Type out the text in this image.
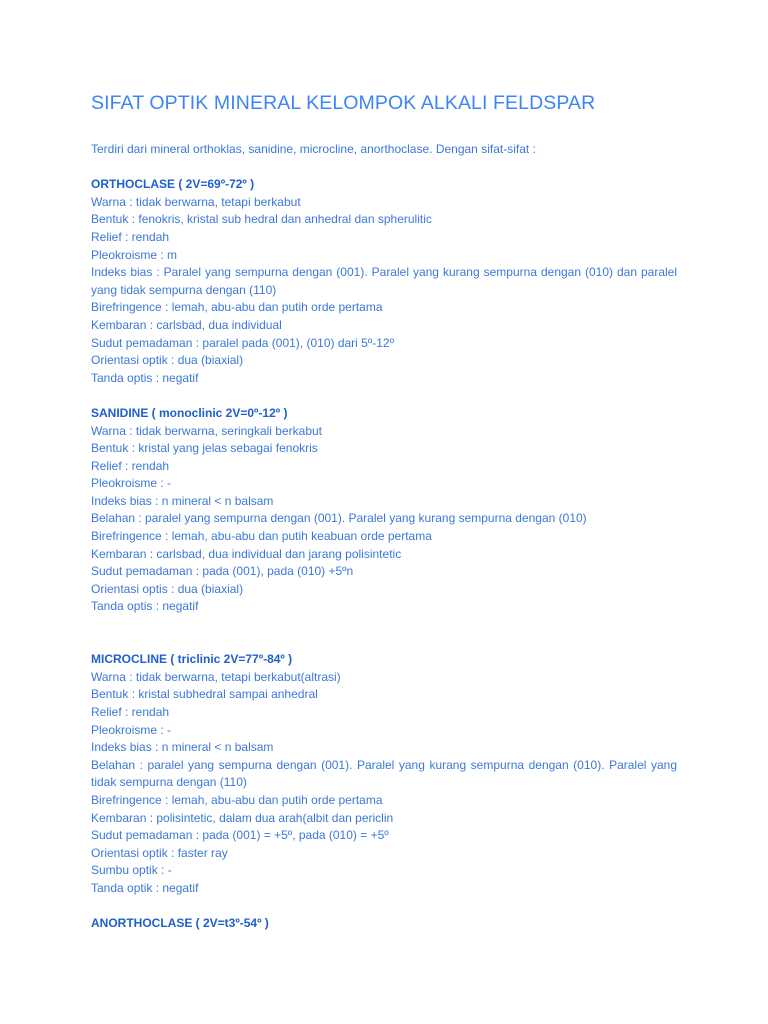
SIFAT OPTIK MINERAL KELOMPOK ALKALI FELDSPAR

Terdiri dari mineral orthoklas, sanidine, microcline, anorthoclase. Dengan sifat-sifat :

ORTHOCLASE ( 2V=69º-72º )

Warna : tidak berwarna, tetapi berkabut

Bentuk : fenokris, kristal sub hedral dan anhedral dan spherulitic

Relief : rendah

Pleokroisme : m

Indeks bias : Paralel yang sempurna dengan (001). Paralel yang kurang sempurna dengan (010) dan paralel yang tidak sempurna dengan (110)

Birefringence : lemah, abu-abu dan putih orde pertama

Kembaran : carlsbad, dua individual

Sudut pemadaman : paralel pada (001), (010) dari 5º-12º

Orientasi optik : dua (biaxial)

Tanda optis : negatif

SANIDINE ( monoclinic 2V=0º-12º )

Warna : tidak berwarna, seringkali berkabut

Bentuk : kristal yang jelas sebagai fenokris

Relief : rendah

Pleokroisme : -

Indeks bias : n mineral < n balsam

Belahan : paralel yang sempurna dengan (001). Paralel yang kurang sempurna dengan (010)

Birefringence : lemah, abu-abu dan putih keabuan orde pertama

Kembaran : carlsbad, dua individual dan jarang polisintetic

Sudut pemadaman : pada (001), pada (010) +5ºn

Orientasi optis : dua (biaxial)

Tanda optis : negatif

MICROCLINE ( triclinic 2V=77º-84º )

Warna : tidak berwarna, tetapi berkabut(altrasi)

Bentuk : kristal subhedral sampai anhedral

Relief : rendah

Pleokroisme : -

Indeks bias : n mineral < n balsam

Belahan : paralel yang sempurna dengan (001). Paralel yang kurang sempurna dengan (010). Paralel yang tidak sempurna dengan (110)

Birefringence : lemah, abu-abu dan putih orde pertama

Kembaran : polisintetic, dalam dua arah(albit dan periclin

Sudut pemadaman : pada (001) = +5º, pada (010) = +5º

Orientasi optik : faster ray

Sumbu optik : -

Tanda optik : negatif

ANORTHOCLASE ( 2V=t3º-54º )
